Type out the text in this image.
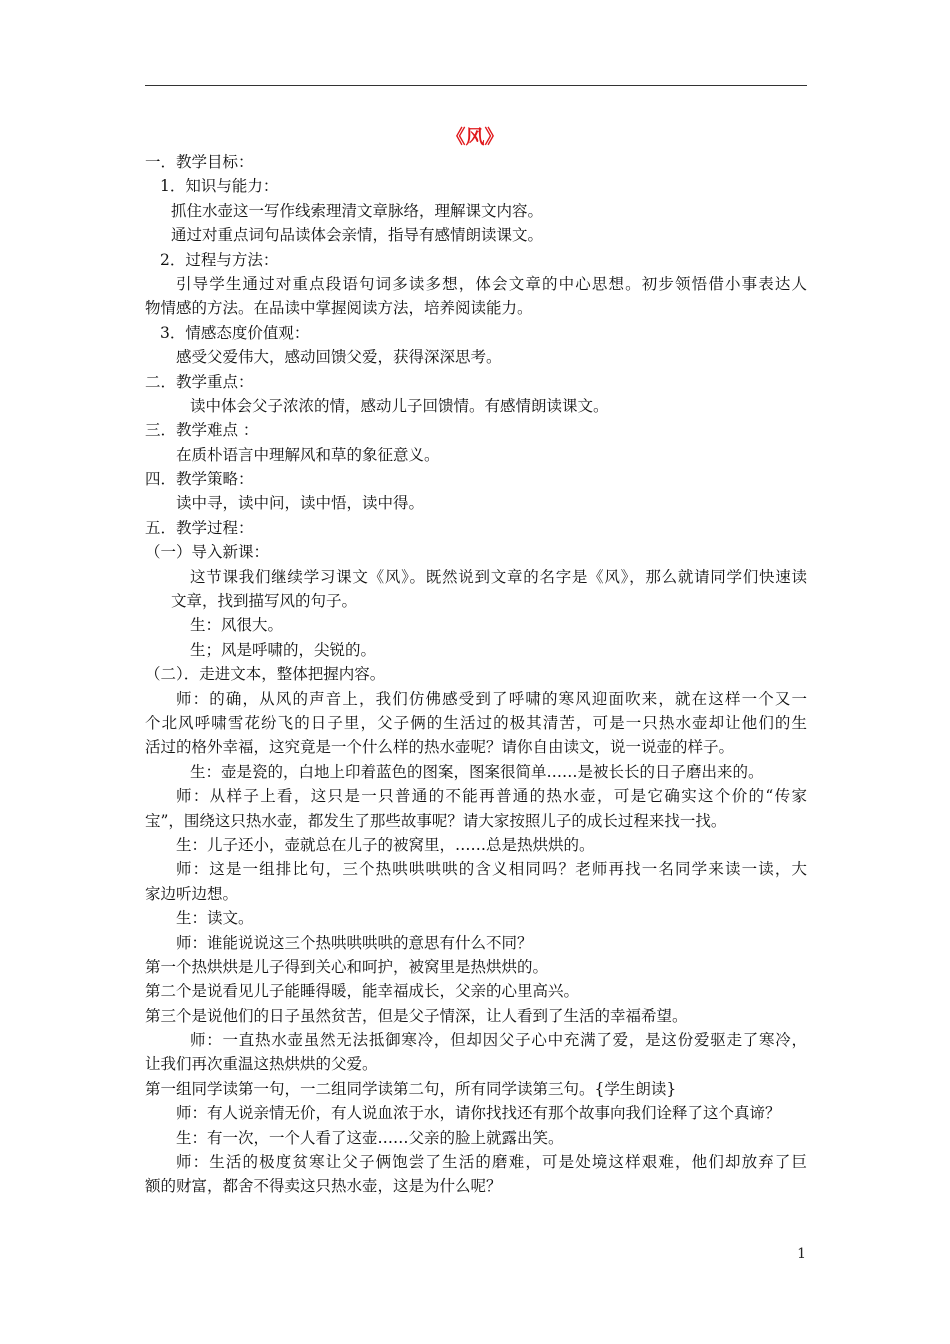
《风》
一．教学目标：
1．知识与能力：
抓住水壶这一写作线索理清文章脉络，理解课文内容。
通过对重点词句品读体会亲情，指导有感情朗读课文。
2．过程与方法：
引导学生通过对重点段语句词多读多想，体会文章的中心思想。初步领悟借小事表达人
物情感的方法。在品读中掌握阅读方法，培养阅读能力。
3．情感态度价值观：
感受父爱伟大，感动回馈父爱，获得深深思考。
二．教学重点：
读中体会父子浓浓的情，感动儿子回馈情。有感情朗读课文。
三．教学难点 ：
在质朴语言中理解风和草的象征意义。
四．教学策略：
读中寻，读中问，读中悟，读中得。
五．教学过程：
（一）导入新课：
这节课我们继续学习课文《风》。既然说到文章的名字是《风》，那么就请同学们快速读
文章，找到描写风的句子。
生：风很大。
生；风是呼啸的，尖锐的。
（二）．走进文本，整体把握内容。
师：的确，从风的声音上，我们仿佛感受到了呼啸的寒风迎面吹来，就在这样一个又一
个北风呼啸雪花纷飞的日子里，父子俩的生活过的极其清苦，可是一只热水壶却让他们的生
活过的格外幸福，这究竟是一个什么样的热水壶呢？请你自由读文，说一说壶的样子。
生：壶是瓷的，白地上印着蓝色的图案，图案很简单……是被长长的日子磨出来的。
师：从样子上看，这只是一只普通的不能再普通的热水壶，可是它确实这个价的“传家
宝”，围绕这只热水壶，都发生了那些故事呢？请大家按照儿子的成长过程来找一找。
生：儿子还小，壶就总在儿子的被窝里，……总是热烘烘的。
师：这是一组排比句，三个热哄哄哄哄的含义相同吗？老师再找一名同学来读一读，大
家边听边想。
生：读文。
师：谁能说说这三个热哄哄哄哄的意思有什么不同？
第一个热烘烘是儿子得到关心和呵护，被窝里是热烘烘的。
第二个是说看见儿子能睡得暖，能幸福成长，父亲的心里高兴。
第三个是说他们的日子虽然贫苦，但是父子情深，让人看到了生活的幸福希望。
师：一直热水壶虽然无法抵御寒冷，但却因父子心中充满了爱，是这份爱驱走了寒冷，
让我们再次重温这热烘烘的父爱。
第一组同学读第一句，一二组同学读第二句，所有同学读第三句。{学生朗读}
师：有人说亲情无价，有人说血浓于水，请你找找还有那个故事向我们诠释了这个真谛？
生：有一次，一个人看了这壶……父亲的脸上就露出笑。
师：生活的极度贫寒让父子俩饱尝了生活的磨难，可是处境这样艰难，他们却放弃了巨
额的财富，都舍不得卖这只热水壶，这是为什么呢？
1
